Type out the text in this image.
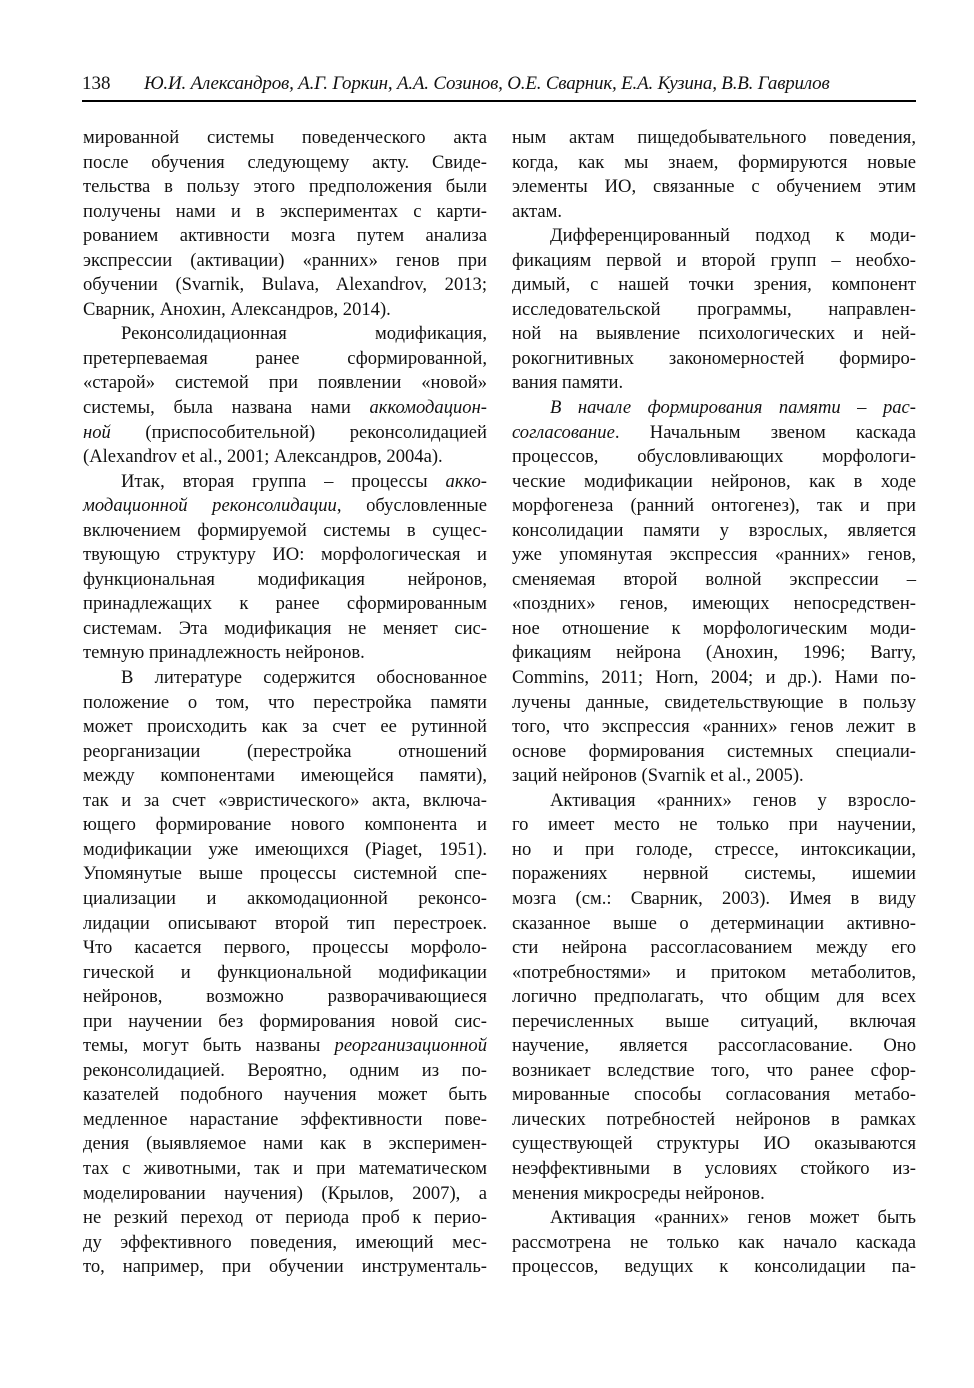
138 Ю.И. Александров, А.Г. Горкин, А.А. Созинов, О.Е. Сварник, Е.А. Кузина, В.В. Гаврилов
мированной системы поведенческого акта
после обучения следующему акту. Свиде-
тельства в пользу этого предположения были
получены нами и в экспериментах с карти-
рованием активности мозга путем анализа
экспрессии (активации) «ранних» генов при
обучении (Svarnik, Bulava, Alexandrov, 2013;
Сварник, Анохин, Александров, 2014).
Реконсолидационная модификация,
претерпеваемая ранее сформированной,
«старой» системой при появлении «новой»
системы, была названа нами аккомодацион-
ной (приспособительной) реконсолидацией
(Alexandrov et al., 2001; Александров, 2004а).
Итак, вторая группа – процессы акко-
модационной реконсолидации, обусловленные
включением формируемой системы в сущес-
твующую структуру ИО: морфологическая и
функциональная модификация нейронов,
принадлежащих к ранее сформированным
системам. Эта модификация не меняет сис-
темную принадлежность нейронов.
В литературе содержится обоснованное
положение о том, что перестройка памяти
может происходить как за счет ее рутинной
реорганизации (перестройка отношений
между компонентами имеющейся памяти),
так и за счет «эвристического» акта, включа-
ющего формирование нового компонента и
модификации уже имеющихся (Piaget, 1951).
Упомянутые выше процессы системной спе-
циализации и аккомодационной реконсо-
лидации описывают второй тип перестроек.
Что касается первого, процессы морфоло-
гической и функциональной модификации
нейронов, возможно разворачивающиеся
при научении без формирования новой сис-
темы, могут быть названы реорганизационной
реконсолидацией. Вероятно, одним из по-
казателей подобного научения может быть
медленное нарастание эффективности пове-
дения (выявляемое нами как в эксперимен-
тах с животными, так и при математическом
моделировании научения) (Крылов, 2007), а
не резкий переход от периода проб к перио-
ду эффективного поведения, имеющий мес-
то, например, при обучении инструменталь-
ным актам пищедобывательного поведения,
когда, как мы знаем, формируются новые
элементы ИО, связанные с обучением этим
актам.
Дифференцированный подход к моди-
фикациям первой и второй групп – необхо-
димый, с нашей точки зрения, компонент
исследовательской программы, направлен-
ной на выявление психологических и ней-
рокогнитивных закономерностей формиро-
вания памяти.
В начале формирования памяти – рас-
согласование. Начальным звеном каскада
процессов, обусловливающих морфологи-
ческие модификации нейронов, как в ходе
морфогенеза (ранний онтогенез), так и при
консолидации памяти у взрослых, является
уже упомянутая экспрессия «ранних» генов,
сменяемая второй волной экспрессии –
«поздних» генов, имеющих непосредствен-
ное отношение к морфологическим моди-
фикациям нейрона (Анохин, 1996; Barry,
Commins, 2011; Horn, 2004; и др.). Нами по-
лучены данные, свидетельствующие в пользу
того, что экспрессия «ранних» генов лежит в
основе формирования системных специали-
заций нейронов (Svarnik et al., 2005).
Активация «ранних» генов у взросло-
го имеет место не только при научении,
но и при голоде, стрессе, интоксикации,
поражениях нервной системы, ишемии
мозга (см.: Сварник, 2003). Имея в виду
сказанное выше о детерминации активно-
сти нейрона рассогласованием между его
«потребностями» и притоком метаболитов,
логично предполагать, что общим для всех
перечисленных выше ситуаций, включая
научение, является рассогласование. Оно
возникает вследствие того, что ранее сфор-
мированные способы согласования метабо-
лических потребностей нейронов в рамках
существующей структуры ИО оказываются
неэффективными в условиях стойкого из-
менения микросреды нейронов.
Активация «ранних» генов может быть
рассмотрена не только как начало каскада
процессов, ведущих к консолидации па-
